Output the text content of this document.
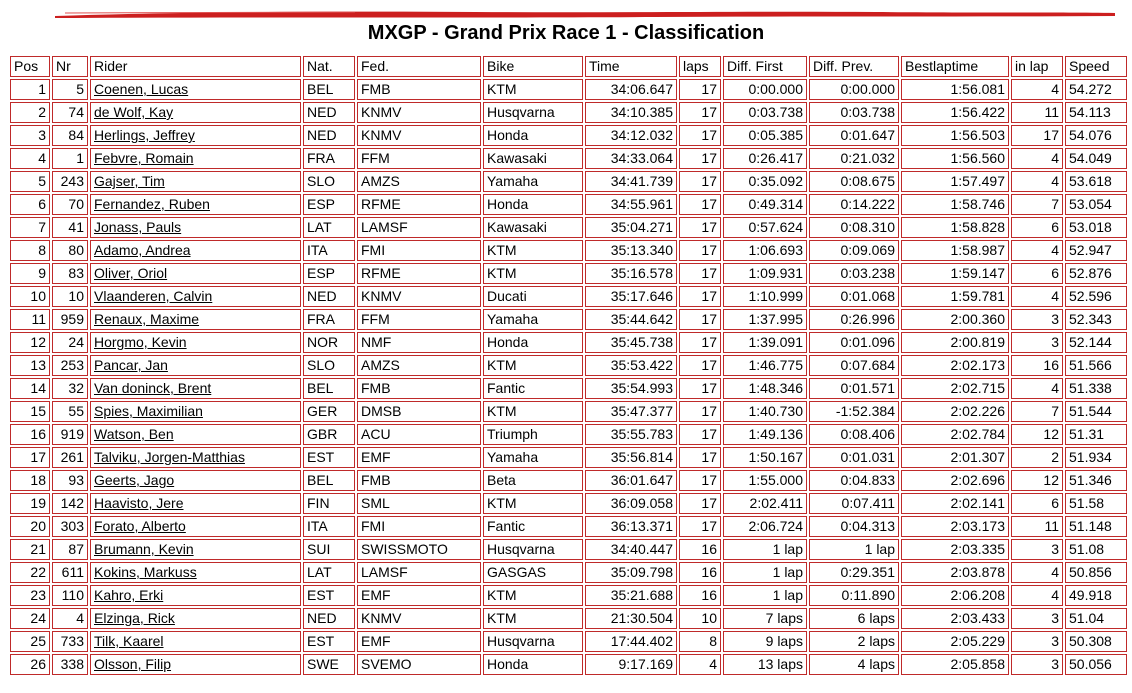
MXGP - Grand Prix Race 1 - Classification
Pos	Nr	Rider	Nat.	Fed.	Bike	Time	laps	Diff. First	Diff. Prev.	Bestlaptime	in lap	Speed
1	5	Coenen, Lucas	BEL	FMB	KTM	34:06.647	17	0:00.000	0:00.000	1:56.081	4	54.272
2	74	de Wolf, Kay	NED	KNMV	Husqvarna	34:10.385	17	0:03.738	0:03.738	1:56.422	11	54.113
3	84	Herlings, Jeffrey	NED	KNMV	Honda	34:12.032	17	0:05.385	0:01.647	1:56.503	17	54.076
4	1	Febvre, Romain	FRA	FFM	Kawasaki	34:33.064	17	0:26.417	0:21.032	1:56.560	4	54.049
5	243	Gajser, Tim	SLO	AMZS	Yamaha	34:41.739	17	0:35.092	0:08.675	1:57.497	4	53.618
6	70	Fernandez, Ruben	ESP	RFME	Honda	34:55.961	17	0:49.314	0:14.222	1:58.746	7	53.054
7	41	Jonass, Pauls	LAT	LAMSF	Kawasaki	35:04.271	17	0:57.624	0:08.310	1:58.828	6	53.018
8	80	Adamo, Andrea	ITA	FMI	KTM	35:13.340	17	1:06.693	0:09.069	1:58.987	4	52.947
9	83	Oliver, Oriol	ESP	RFME	KTM	35:16.578	17	1:09.931	0:03.238	1:59.147	6	52.876
10	10	Vlaanderen, Calvin	NED	KNMV	Ducati	35:17.646	17	1:10.999	0:01.068	1:59.781	4	52.596
11	959	Renaux, Maxime	FRA	FFM	Yamaha	35:44.642	17	1:37.995	0:26.996	2:00.360	3	52.343
12	24	Horgmo, Kevin	NOR	NMF	Honda	35:45.738	17	1:39.091	0:01.096	2:00.819	3	52.144
13	253	Pancar, Jan	SLO	AMZS	KTM	35:53.422	17	1:46.775	0:07.684	2:02.173	16	51.566
14	32	Van doninck, Brent	BEL	FMB	Fantic	35:54.993	17	1:48.346	0:01.571	2:02.715	4	51.338
15	55	Spies, Maximilian	GER	DMSB	KTM	35:47.377	17	1:40.730	-1:52.384	2:02.226	7	51.544
16	919	Watson, Ben	GBR	ACU	Triumph	35:55.783	17	1:49.136	0:08.406	2:02.784	12	51.31
17	261	Talviku, Jorgen-Matthias	EST	EMF	Yamaha	35:56.814	17	1:50.167	0:01.031	2:01.307	2	51.934
18	93	Geerts, Jago	BEL	FMB	Beta	36:01.647	17	1:55.000	0:04.833	2:02.696	12	51.346
19	142	Haavisto, Jere	FIN	SML	KTM	36:09.058	17	2:02.411	0:07.411	2:02.141	6	51.58
20	303	Forato, Alberto	ITA	FMI	Fantic	36:13.371	17	2:06.724	0:04.313	2:03.173	11	51.148
21	87	Brumann, Kevin	SUI	SWISSMOTO	Husqvarna	34:40.447	16	1 lap	1 lap	2:03.335	3	51.08
22	611	Kokins, Markuss	LAT	LAMSF	GASGAS	35:09.798	16	1 lap	0:29.351	2:03.878	4	50.856
23	110	Kahro, Erki	EST	EMF	KTM	35:21.688	16	1 lap	0:11.890	2:06.208	4	49.918
24	4	Elzinga, Rick	NED	KNMV	KTM	21:30.504	10	7 laps	6 laps	2:03.433	3	51.04
25	733	Tilk, Kaarel	EST	EMF	Husqvarna	17:44.402	8	9 laps	2 laps	2:05.229	3	50.308
26	338	Olsson, Filip	SWE	SVEMO	Honda	9:17.169	4	13 laps	4 laps	2:05.858	3	50.056
